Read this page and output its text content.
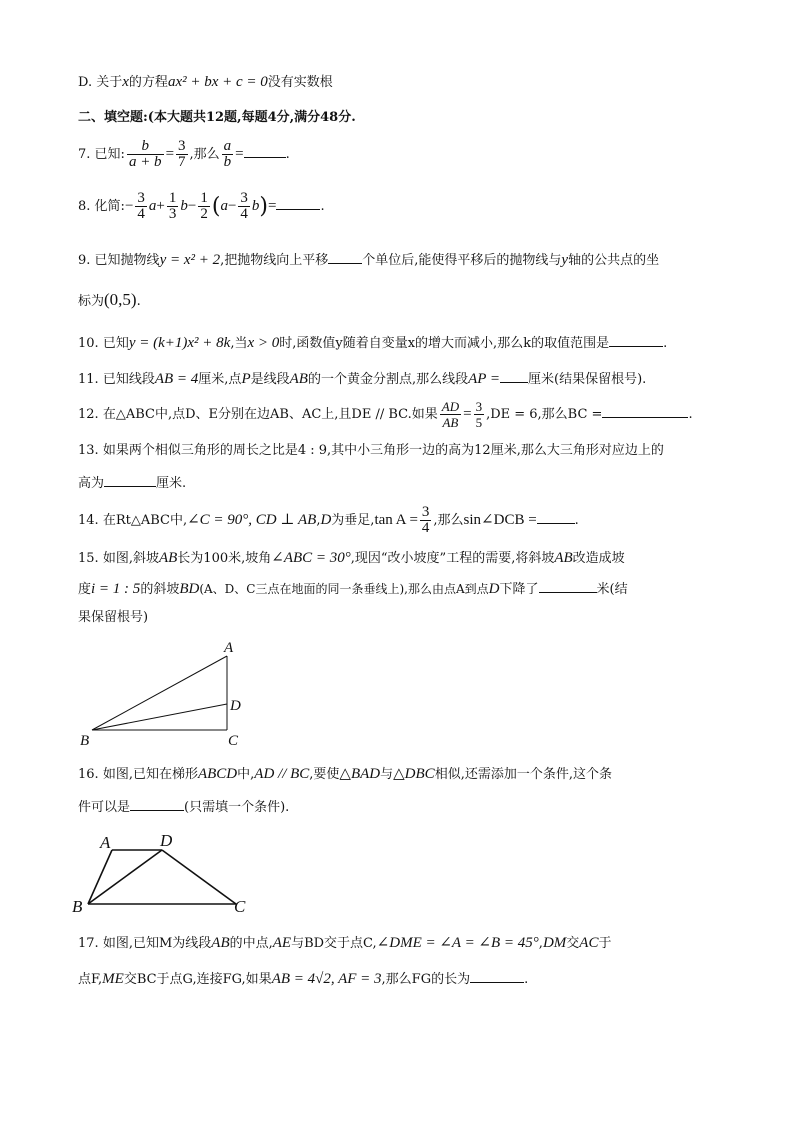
D. 关于x的方程ax² + bx + c = 0没有实数根
二、填空题:(本大题共12题,每题4分,满分48分.
7. 已知: $\frac{b}{a + b} = \frac{3}{7}$ ,那么 $\frac{a}{b}$ =	.
8. 化简:− $\frac{3}{4} a+ \frac{1}{3} b- \frac{1}{2} (a- \frac{3}{4} b)=$	.
9. 已知抛物线y = x² + 2,把抛物线向上平移	个单位后,能使得平移后的抛物线与y轴的公共点的坐
标为(0,5).
10. 已知y = (k+1)x² + 8k,当x > 0时,函数值y随着自变量x的增大而减小,那么k的取值范围是	.
11. 已知线段AB = 4厘米,点P是线段AB的一个黄金分割点,那么线段AP = 厘米(结果保留根号).
12. 在△ABC中,点D、E分别在边AB、AC上,且DE // BC.如果 $\frac{AD}{AB} = \frac{3}{5} ,DE = 6$,那么BC =	.
13. 如果两个相似三角形的周长之比是4 : 9,其中小三角形一边的高为12厘米,那么大三角形对应边上的
高为	厘米.
14. 在Rt△ABC中,∠C = 90°, CD ⊥ AB,D为垂足,tan $A = \frac{3}{4}$ ,那么sin∠DCB =	.
15. 如图,斜坡AB长为100米,坡角∠ABC = 30°,现因“改小坡度”工程的需要,将斜坡AB改造成坡
度i = 1 : 5的斜坡BD(A、D、C三点在地面的同一条垂线上),那么由点A到点D下降了	米(结
果保留根号)
A
D
B	C
16. 如图,已知在梯形ABCD中,AD // BC,要使△BAD与△DBC相似,还需添加一个条件,这个条
件可以是	(只需填一个条件).
A	D
B	C
17. 如图,已知M为线段AB的中点,AE与BD交于点C,∠DME = ∠A = ∠B = 45°,DM交AC于
点F,ME交BC于点G,连接FG,如果AB = 4√2, AF = 3,那么FG的长为	.
